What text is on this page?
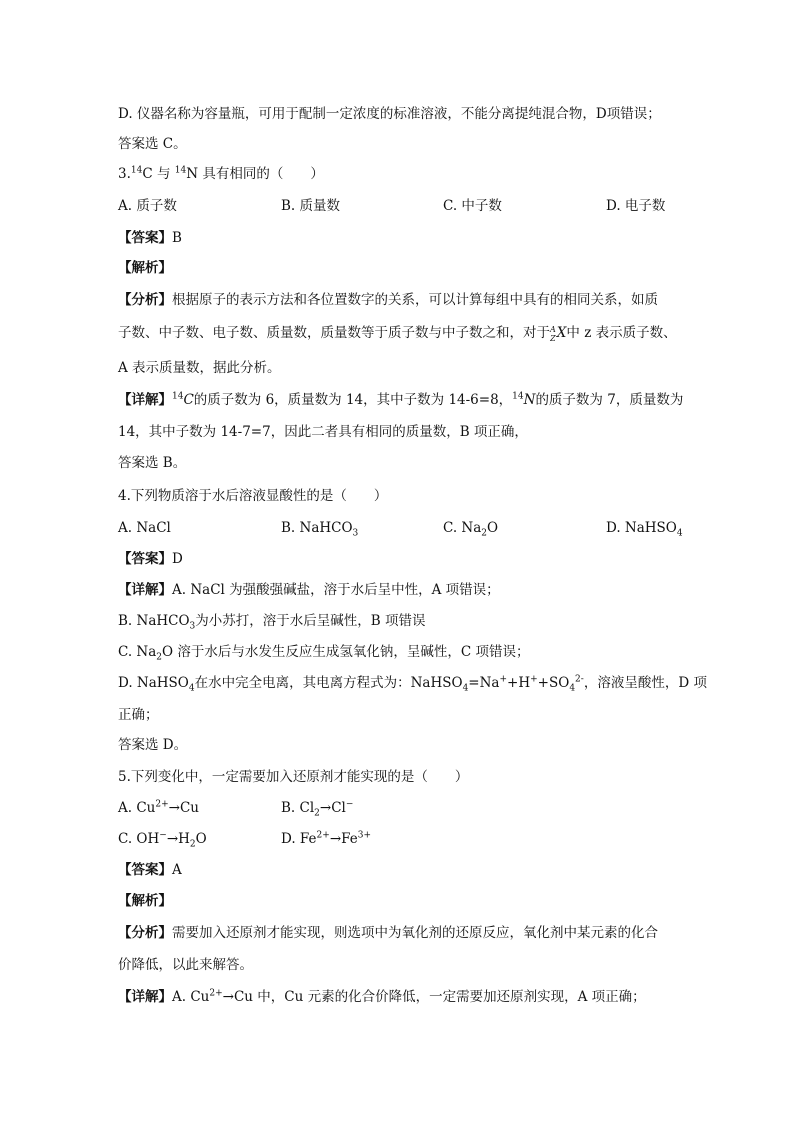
D. 仪器名称为容量瓶，可用于配制一定浓度的标准溶液，不能分离提纯混合物，D项错误；
答案选 C。
3.14C 与 $^{14}$N 具有相同的（　　）
A. 质子数	B. 质量数	C. 中子数	D. 电子数
【答案】B
【解析】
【分析】根据原子的表示方法和各位置数字的关系，可以计算每组中具有的相同关系，如质
子数、中子数、电子数、质量数，质量数等于质子数与中子数之和，对于 A
Z X中 z 表示质子数、
A 表示质量数，据此分析。
【详解】$^{14}$C的质子数为 6，质量数为 14，其中子数为 14-6=8，$^{14}$N的质子数为 7，质量数为
14，其中子数为 14-7=7，因此二者具有相同的质量数，B 项正确，
答案选 B。
4.下列物质溶于水后溶液显酸性的是（　　）
A. NaCl	B. NaHCO$_3$	C. $Na_2O$	D. NaHSO$_4$
【答案】D
【详解】A. NaCl 为强酸强碱盐，溶于水后呈中性，A 项错误；
B. NaHCO$_3$为小苏打，溶于水后呈碱性，B 项错误
C. $Na_2O$ 溶于水后与水发生反应生成氢氧化钠，呈碱性，C 项错误；
D. NaHSO$_4$在水中完全电离，其电离方程式为：$NaHSO_4=Na^++H^++SO_4^{2-}$，溶液呈酸性，D 项
正确；
答案选 D。
5.下列变化中，一定需要加入还原剂才能实现的是（　　）
A. $Cu^{2+}\to Cu$	B. $Cl_2\to Cl^-$
C. $OH^-\to H_2O$	D. $Fe^{2+}\to Fe^{3+}$
【答案】A
【解析】
【分析】需要加入还原剂才能实现，则选项中为氧化剂的还原反应，氧化剂中某元素的化合
价降低，以此来解答。
【详解】A. $Cu^{2+}\to Cu$ 中，Cu 元素的化合价降低，一定需要加还原剂实现，A 项正确；
